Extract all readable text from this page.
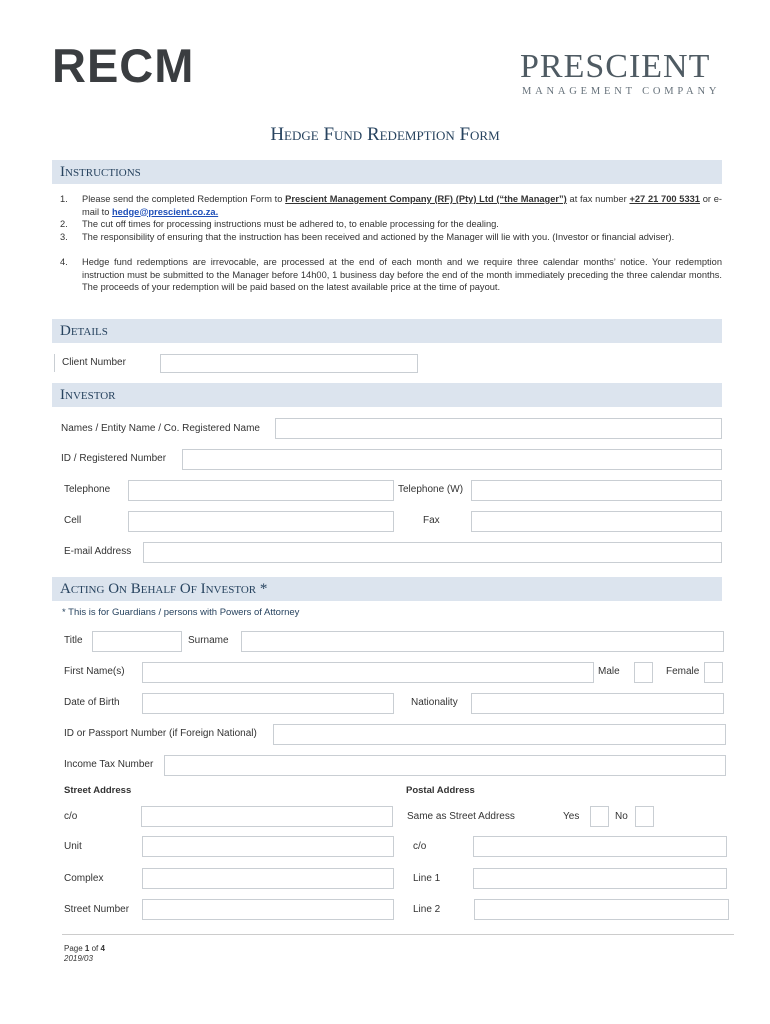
RECM	PRESCIENT
MANAGEMENT COMPANY
Hedge Fund Redemption Form
Instructions
1. Please send the completed Redemption Form to Prescient Management Company (RF) (Pty) Ltd (“the Manager”) at fax number +27 21 700 5331 or e-mail to hedge@prescient.co.za.
2. The cut off times for processing instructions must be adhered to, to enable processing for the dealing.
3. The responsibility of ensuring that the instruction has been received and actioned by the Manager will lie with you. (Investor or financial adviser).
4. Hedge fund redemptions are irrevocable, are processed at the end of each month and we require three calendar months’ notice. Your redemption instruction must be submitted to the Manager before 14h00, 1 business day before the end of the month immediately preceding the three calendar months. The proceeds of your redemption will be paid based on the latest available price at the time of payout.
Details
Client Number
Investor
Names / Entity Name / Co. Registered Name
ID / Registered Number
Telephone	Telephone (W)
Cell	Fax
E-mail Address
Acting On Behalf Of Investor *
* This is for Guardians / persons with Powers of Attorney
Title	Surname
First Name(s)	Male	Female
Date of Birth	Nationality
ID or Passport Number (if Foreign National)
Income Tax Number
Street Address	Postal Address
c/o	Same as Street Address	Yes	No
Unit	c/o
Complex	Line 1
Street Number	Line 2
Page 1 of 4
2019/03
